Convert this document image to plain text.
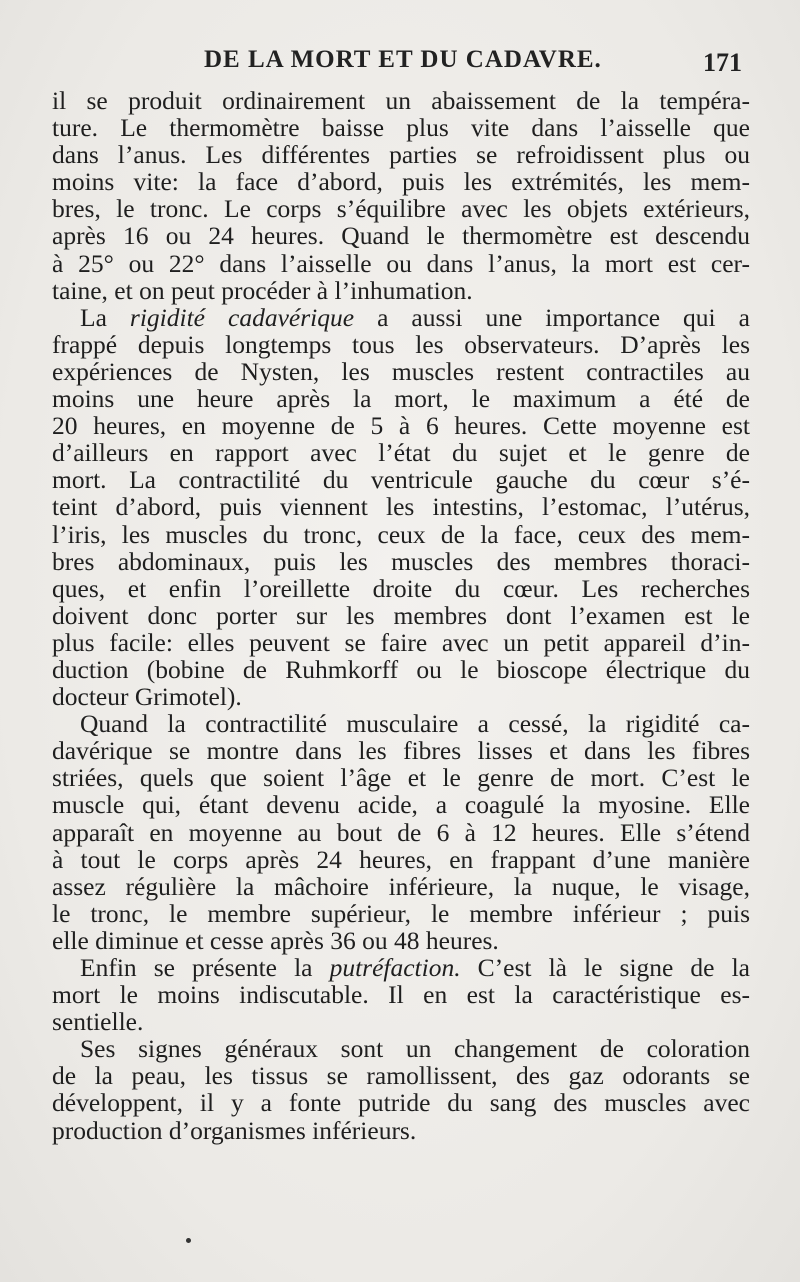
DE LA MORT ET DU CADAVRE.	171

il se produit ordinairement un abaissement de la tempéra-
ture. Le thermomètre baisse plus vite dans l’aisselle que
dans l’anus. Les différentes parties se refroidissent plus ou
moins vite: la face d’abord, puis les extrémités, les mem-
bres, le tronc. Le corps s’équilibre avec les objets extérieurs,
après 16 ou 24 heures. Quand le thermomètre est descendu
à 25° ou 22° dans l’aisselle ou dans l’anus, la mort est cer-
taine, et on peut procéder à l’inhumation.

La rigidité cadavérique a aussi une importance qui a
frappé depuis longtemps tous les observateurs. D’après les
expériences de Nysten, les muscles restent contractiles au
moins une heure après la mort, le maximum a été de
20 heures, en moyenne de 5 à 6 heures. Cette moyenne est
d’ailleurs en rapport avec l’état du sujet et le genre de
mort. La contractilité du ventricule gauche du cœur s’é-
teint d’abord, puis viennent les intestins, l’estomac, l’utérus,
l’iris, les muscles du tronc, ceux de la face, ceux des mem-
bres abdominaux, puis les muscles des membres thoraci-
ques, et enfin l’oreillette droite du cœur. Les recherches
doivent donc porter sur les membres dont l’examen est le
plus facile: elles peuvent se faire avec un petit appareil d’in-
duction (bobine de Ruhmkorff ou le bioscope électrique du
docteur Grimotel).

Quand la contractilité musculaire a cessé, la rigidité ca-
davérique se montre dans les fibres lisses et dans les fibres
striées, quels que soient l’âge et le genre de mort. C’est le
muscle qui, étant devenu acide, a coagulé la myosine. Elle
apparaît en moyenne au bout de 6 à 12 heures. Elle s’étend
à tout le corps après 24 heures, en frappant d’une manière
assez régulière la mâchoire inférieure, la nuque, le visage,
le tronc, le membre supérieur, le membre inférieur ; puis
elle diminue et cesse après 36 ou 48 heures.

Enfin se présente la putréfaction. C’est là le signe de la
mort le moins indiscutable. Il en est la caractéristique es-
sentielle.

Ses signes généraux sont un changement de coloration
de la peau, les tissus se ramollissent, des gaz odorants se
développent, il y a fonte putride du sang des muscles avec
production d’organismes inférieurs.
